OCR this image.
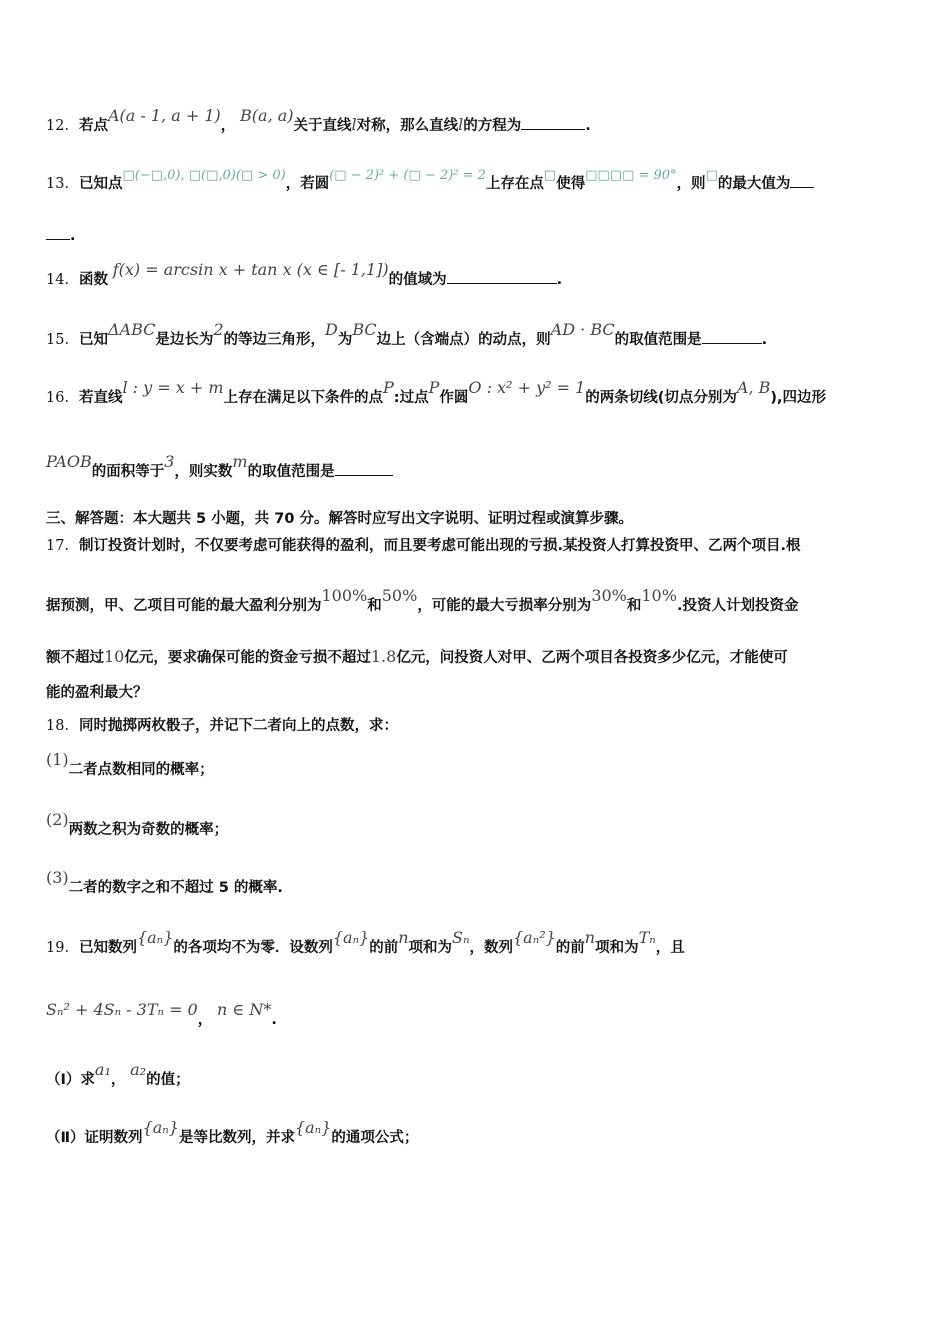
12．若点A(a - 1, a + 1)， B(a, a)关于直线l对称，那么直线l的方程为	.
13．已知点□(−□,0), □(□,0)(□ > 0)，若圆(□ − 2)² + (□ − 2)² = 2上存在点□使得□□□□ = 90°，则□的最大值为
.
14．函数 f(x) = arcsin x + tan x (x ∈ [- 1,1])的值域为	.
15．已知ΔABC是边长为2的等边三角形，D为BC边上（含端点）的动点，则AD · BC的取值范围是	.
16．若直线l : y = x + m上存在满足以下条件的点P:过点P作圆O : x² + y² = 1的两条切线(切点分别为A, B),四边形
PAOB的面积等于3，则实数m的取值范围是
三、解答题：本大题共 5 小题，共 70 分。解答时应写出文字说明、证明过程或演算步骤。
17．制订投资计划时，不仅要考虑可能获得的盈利，而且要考虑可能出现的亏损.某投资人打算投资甲、乙两个项目.根
据预测，甲、乙项目可能的最大盈利分别为100%和50%，可能的最大亏损率分别为30%和10%.投资人计划投资金
额不超过10亿元，要求确保可能的资金亏损不超过1.8亿元，问投资人对甲、乙两个项目各投资多少亿元，才能使可
能的盈利最大？
18．同时抛掷两枚骰子，并记下二者向上的点数，求：
(1)二者点数相同的概率；
(2)两数之积为奇数的概率；
(3)二者的数字之和不超过 5 的概率.
19．已知数列{aₙ}的各项均不为零．设数列{aₙ}的前n项和为Sₙ，数列{aₙ²}的前n项和为Tₙ，且
Sₙ² + 4Sₙ - 3Tₙ = 0， n ∈ N*.
（Ⅰ）求a₁， a₂的值；
（Ⅱ）证明数列{aₙ}是等比数列，并求{aₙ}的通项公式；
